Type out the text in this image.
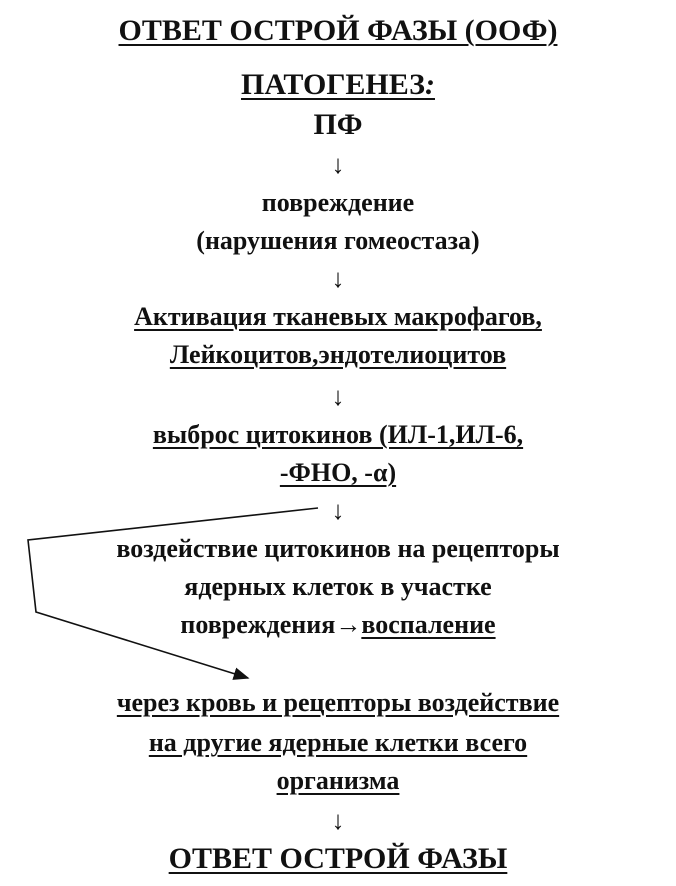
ОТВЕТ ОСТРОЙ ФАЗЫ (ООФ)
ПАТОГЕНЕЗ:
ПФ
↓
повреждение
(нарушения гомеостаза)
↓
Активация тканевых макрофагов,
Лейкоцитов,эндотелиоцитов
↓
выброс цитокинов (ИЛ-1,ИЛ-6,
-ФНО, -α)
↓
воздействие цитокинов на рецепторы
ядерных клеток в участке
повреждения→воспаление
через кровь и рецепторы воздействие
на другие ядерные клетки всего
организма
↓
ОТВЕТ ОСТРОЙ ФАЗЫ
